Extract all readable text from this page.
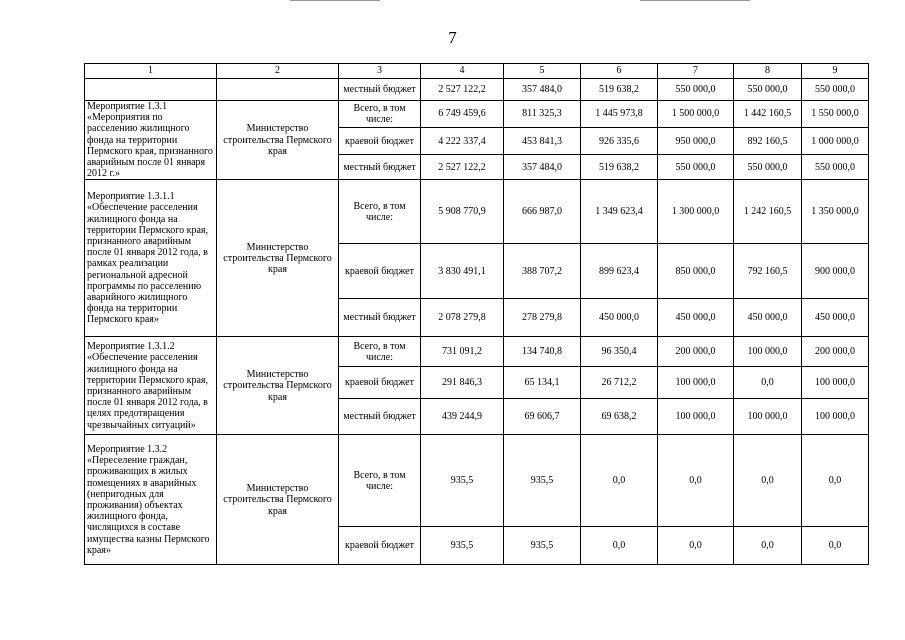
7
1	2	3	4	5	6	7	8	9
		местный бюджет	2 527 122,2	357 484,0	519 638,2	550 000,0	550 000,0	550 000,0
Мероприятие 1.3.1 «Мероприятия по расселению жилищного фонда на территории Пермского края, признанного аварийным после 01 января 2012 г.»	Министерство строительства Пермского края	Всего, в том числе:	6 749 459,6	811 325,3	1 445 973,8	1 500 000,0	1 442 160,5	1 550 000,0
		краевой бюджет	4 222 337,4	453 841,3	926 335,6	950 000,0	892 160,5	1 000 000,0
		местный бюджет	2 527 122,2	357 484,0	519 638,2	550 000,0	550 000,0	550 000,0
Мероприятие 1.3.1.1 «Обеспечение расселения жилищного фонда на территории Пермского края, признанного аварийным после 01 января 2012 года, в рамках реализации региональной адресной программы по расселению аварийного жилищного фонда на территории Пермского края»	Министерство строительства Пермского края	Всего, в том числе:	5 908 770,9	666 987,0	1 349 623,4	1 300 000,0	1 242 160,5	1 350 000,0
		краевой бюджет	3 830 491,1	388 707,2	899 623,4	850 000,0	792 160,5	900 000,0
		местный бюджет	2 078 279,8	278 279,8	450 000,0	450 000,0	450 000,0	450 000,0
Мероприятие 1.3.1.2 «Обеспечение расселения жилищного фонда на территории Пермского края, признанного аварийным после 01 января 2012 года, в целях предотвращения чрезвычайных ситуаций»	Министерство строительства Пермского края	Всего, в том числе:	731 091,2	134 740,8	96 350,4	200 000,0	100 000,0	200 000,0
		краевой бюджет	291 846,3	65 134,1	26 712,2	100 000,0	0,0	100 000,0
		местный бюджет	439 244,9	69 606,7	69 638,2	100 000,0	100 000,0	100 000,0
Мероприятие 1.3.2 «Переселение граждан, проживающих в жилых помещениях в аварийных (непригодных для проживания) объектах жилищного фонда, числящихся в составе имущества казны Пермского края»	Министерство строительства Пермского края	Всего, в том числе:	935,5	935,5	0,0	0,0	0,0	0,0
		краевой бюджет	935,5	935,5	0,0	0,0	0,0	0,0
